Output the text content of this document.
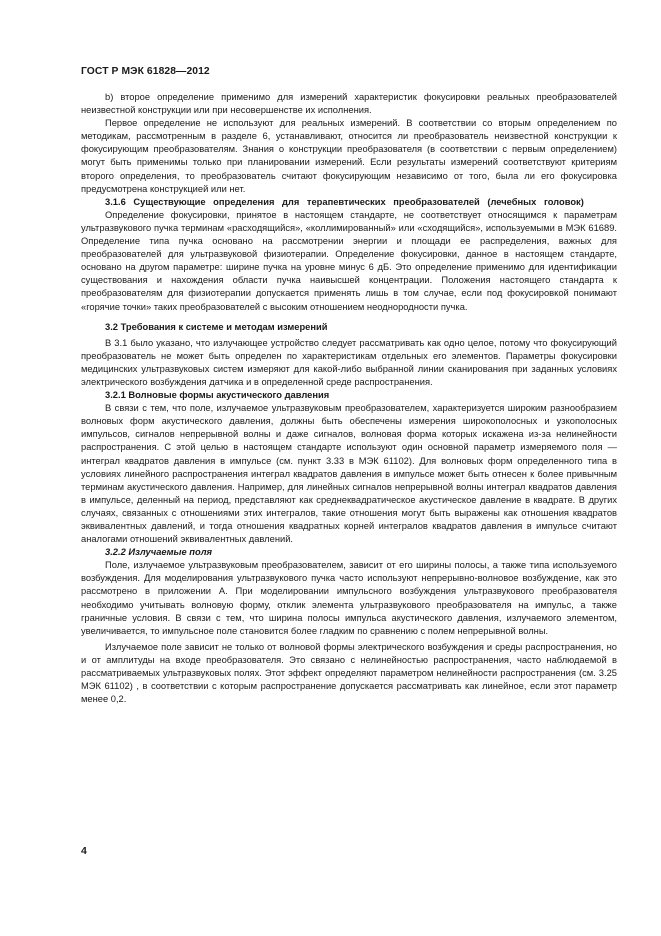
ГОСТ Р МЭК 61828—2012

b) второе определение применимо для измерений характеристик фокусировки реальных преобразователей неизвестной конструкции или при несовершенстве их исполнения.

Первое определение не используют для реальных измерений. В соответствии со вторым определением по методикам, рассмотренным в разделе 6, устанавливают, относится ли преобразователь неизвестной конструкции к фокусирующим преобразователям. Знания о конструкции преобразователя (в соответствии с первым определением) могут быть применимы только при планировании измерений. Если результаты измерений соответствуют критериям второго определения, то преобразователь считают фокусирующим независимо от того, была ли его фокусировка предусмотрена конструкцией или нет.

3.1.6 Существующие определения для терапевтических преобразователей (лечебных головок)

Определение фокусировки, принятое в настоящем стандарте, не соответствует относящимся к параметрам ультразвукового пучка терминам «расходящийся», «коллимированный» или «сходящийся», используемыми в МЭК 61689. Определение типа пучка основано на рассмотрении энергии и площади ее распределения, важных для преобразователей для ультразвуковой физиотерапии. Определение фокусировки, данное в настоящем стандарте, основано на другом параметре: ширине пучка на уровне минус 6 дБ. Это определение применимо для идентификации существования и нахождения области пучка наивысшей концентрации. Положения настоящего стандарта к преобразователям для физиотерапии допускается применять лишь в том случае, если под фокусировкой понимают «горячие точки» таких преобразователей с высоким отношением неоднородности пучка.

3.2 Требования к системе и методам измерений

В 3.1 было указано, что излучающее устройство следует рассматривать как одно целое, потому что фокусирующий преобразователь не может быть определен по характеристикам отдельных его элементов. Параметры фокусировки медицинских ультразвуковых систем измеряют для какой-либо выбранной линии сканирования при заданных условиях электрического возбуждения датчика и в определенной среде распространения.

3.2.1 Волновые формы акустического давления

В связи с тем, что поле, излучаемое ультразвуковым преобразователем, характеризуется широким разнообразием волновых форм акустического давления, должны быть обеспечены измерения широкополосных и узкополосных импульсов, сигналов непрерывной волны и даже сигналов, волновая форма которых искажена из-за нелинейности распространения. С этой целью в настоящем стандарте используют один основной параметр измеряемого поля — интеграл квадратов давления в импульсе (см. пункт 3.33 в МЭК 61102). Для волновых форм определенного типа в условиях линейного распространения интеграл квадратов давления в импульсе может быть отнесен к более привычным терминам акустического давления. Например, для линейных сигналов непрерывной волны интеграл квадратов давления в импульсе, деленный на период, представляют как среднеквадратическое акустическое давление в квадрате. В других случаях, связанных с отношениями этих интегралов, такие отношения могут быть выражены как отношения квадратов эквивалентных давлений, и тогда отношения квадратных корней интегралов квадратов давления в импульсе считают аналогами отношений эквивалентных давлений.

3.2.2 Излучаемые поля

Поле, излучаемое ультразвуковым преобразователем, зависит от его ширины полосы, а также типа используемого возбуждения. Для моделирования ультразвукового пучка часто используют непрерывно-волновое возбуждение, как это рассмотрено в приложении А. При моделировании импульсного возбуждения ультразвукового преобразователя необходимо учитывать волновую форму, отклик элемента ультразвукового преобразователя на импульс, а также граничные условия. В связи с тем, что ширина полосы импульса акустического давления, излучаемого элементом, увеличивается, то импульсное поле становится более гладким по сравнению с полем непрерывной волны.

Излучаемое поле зависит не только от волновой формы электрического возбуждения и среды распространения, но и от амплитуды на входе преобразователя. Это связано с нелинейностью распространения, часто наблюдаемой в рассматриваемых ультразвуковых полях. Этот эффект определяют параметром нелинейности распространения (см. 3.25 МЭК 61102) , в соответствии с которым распространение допускается рассматривать как линейное, если этот параметр менее 0,2.

4
